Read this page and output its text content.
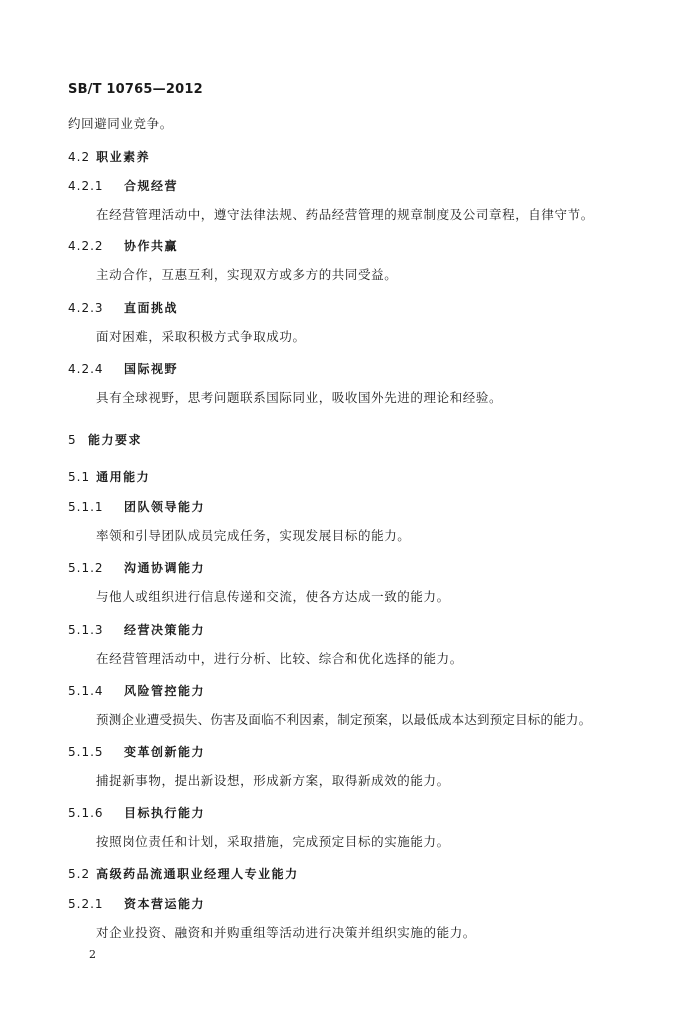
SB/T 10765—2012
约回避同业竞争。
4.2 职业素养
4.2.1 合规经营
在经营管理活动中，遵守法律法规、药品经营管理的规章制度及公司章程，自律守节。
4.2.2 协作共赢
主动合作，互惠互利，实现双方或多方的共同受益。
4.2.3 直面挑战
面对困难，采取积极方式争取成功。
4.2.4 国际视野
具有全球视野，思考问题联系国际同业，吸收国外先进的理论和经验。
5 能力要求
5.1 通用能力
5.1.1 团队领导能力
率领和引导团队成员完成任务，实现发展目标的能力。
5.1.2 沟通协调能力
与他人或组织进行信息传递和交流，使各方达成一致的能力。
5.1.3 经营决策能力
在经营管理活动中，进行分析、比较、综合和优化选择的能力。
5.1.4 风险管控能力
预测企业遭受损失、伤害及面临不利因素，制定预案，以最低成本达到预定目标的能力。
5.1.5 变革创新能力
捕捉新事物，提出新设想，形成新方案，取得新成效的能力。
5.1.6 目标执行能力
按照岗位责任和计划，采取措施，完成预定目标的实施能力。
5.2 高级药品流通职业经理人专业能力
5.2.1 资本营运能力
对企业投资、融资和并购重组等活动进行决策并组织实施的能力。
2
